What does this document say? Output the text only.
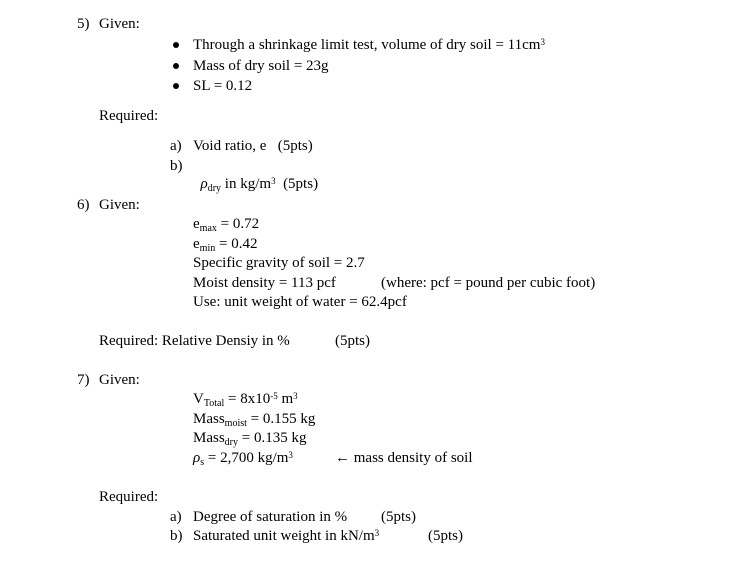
5) Given:
Through a shrinkage limit test, volume of dry soil = $11cm^3$
Mass of dry soil = 23g
SL = 0.12
Required:
a) Void ratio, e   (5pts)
b)

$\rho_{dry}$ in $kg/m^3$  (5pts)

6) Given:
$e_{max} = 0.72$
$e_{min} = 0.42$
Specific gravity of soil = 2.7
Moist density = 113 pcf	(where: pcf = pound per cubic foot)
Use: unit weight of water = 62.4pcf
Required: Relative Densiy in %	(5pts)
7) Given:
$V_{Total} = 8x10^{-5}$ $m^3$
Mass$_{moist}$ = 0.155 kg
Mass$_{dry}$ = 0.135 kg
$\rho_s = 2,700$ $kg/m^3$	← mass density of soil
Required:
a) Degree of saturation in % (5pts)
b) Saturated unit weight in $kN/m^3$	(5pts)
